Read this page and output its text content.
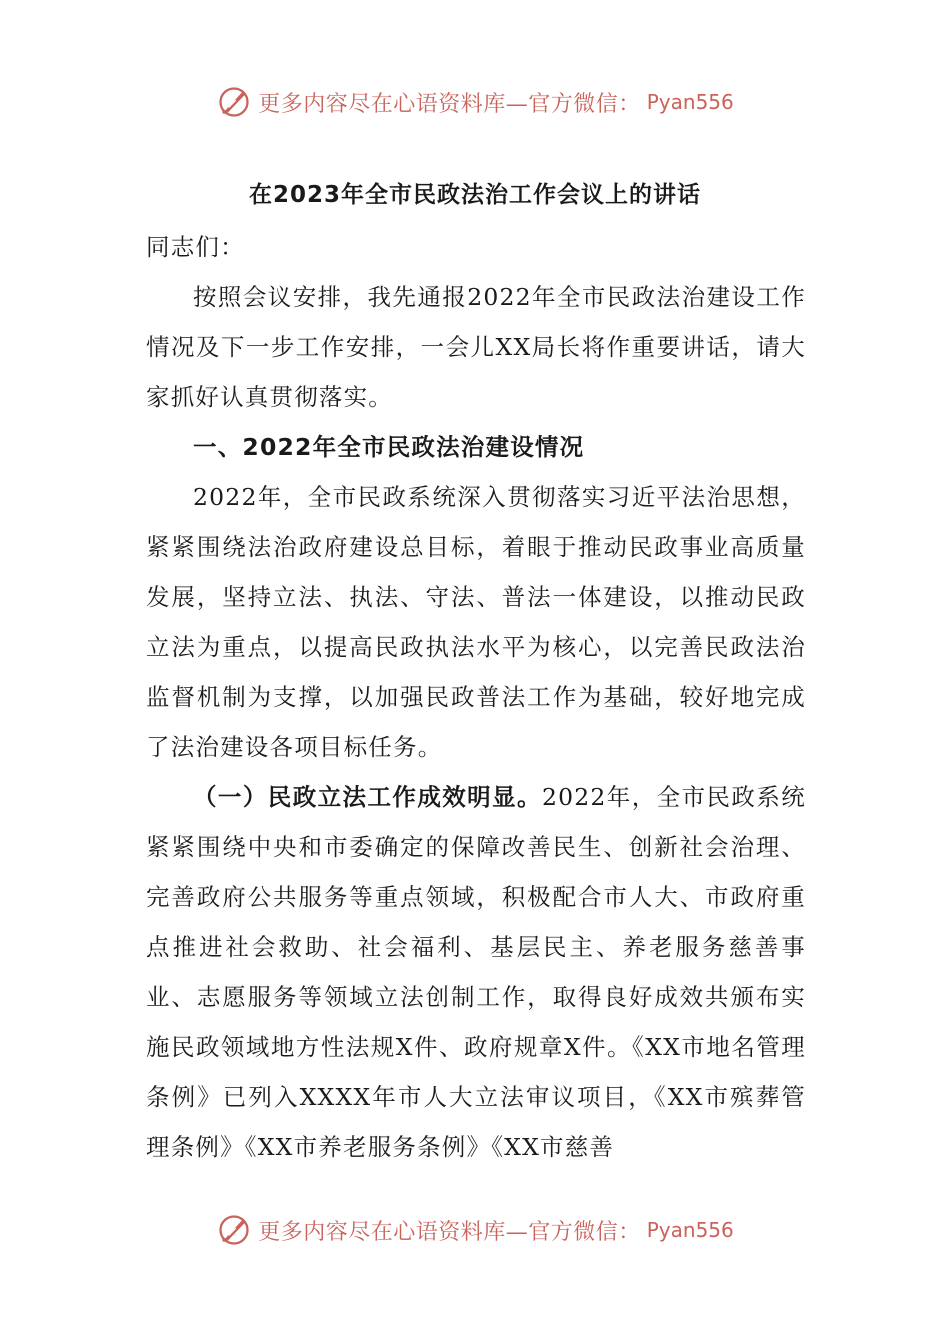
更多内容尽在心语资料库—官方微信： Pyan556
在2023年全市民政法治工作会议上的讲话

同志们：

按照会议安排，我先通报2022年全市民政法治建设工作情况及下一步工作安排，一会儿XX局长将作重要讲话，请大家抓好认真贯彻落实。

一、2022年全市民政法治建设情况

2022年，全市民政系统深入贯彻落实习近平法治思想，紧紧围绕法治政府建设总目标，着眼于推动民政事业高质量发展，坚持立法、执法、守法、普法一体建设，以推动民政立法为重点，以提高民政执法水平为核心，以完善民政法治监督机制为支撑，以加强民政普法工作为基础，较好地完成了法治建设各项目标任务。

（一）民政立法工作成效明显。2022年，全市民政系统紧紧围绕中央和市委确定的保障改善民生、创新社会治理、完善政府公共服务等重点领域，积极配合市人大、市政府重点推进社会救助、社会福利、基层民主、养老服务慈善事业、志愿服务等领域立法创制工作，取得良好成效共颁布实施民政领域地方性法规X件、政府规章X件。《XX市地名管理条例》已列入XXXX年市人大立法审议项目，《XX市殡葬管理条例》《XX市养老服务条例》《XX市慈善

更多内容尽在心语资料库—官方微信： Pyan556
